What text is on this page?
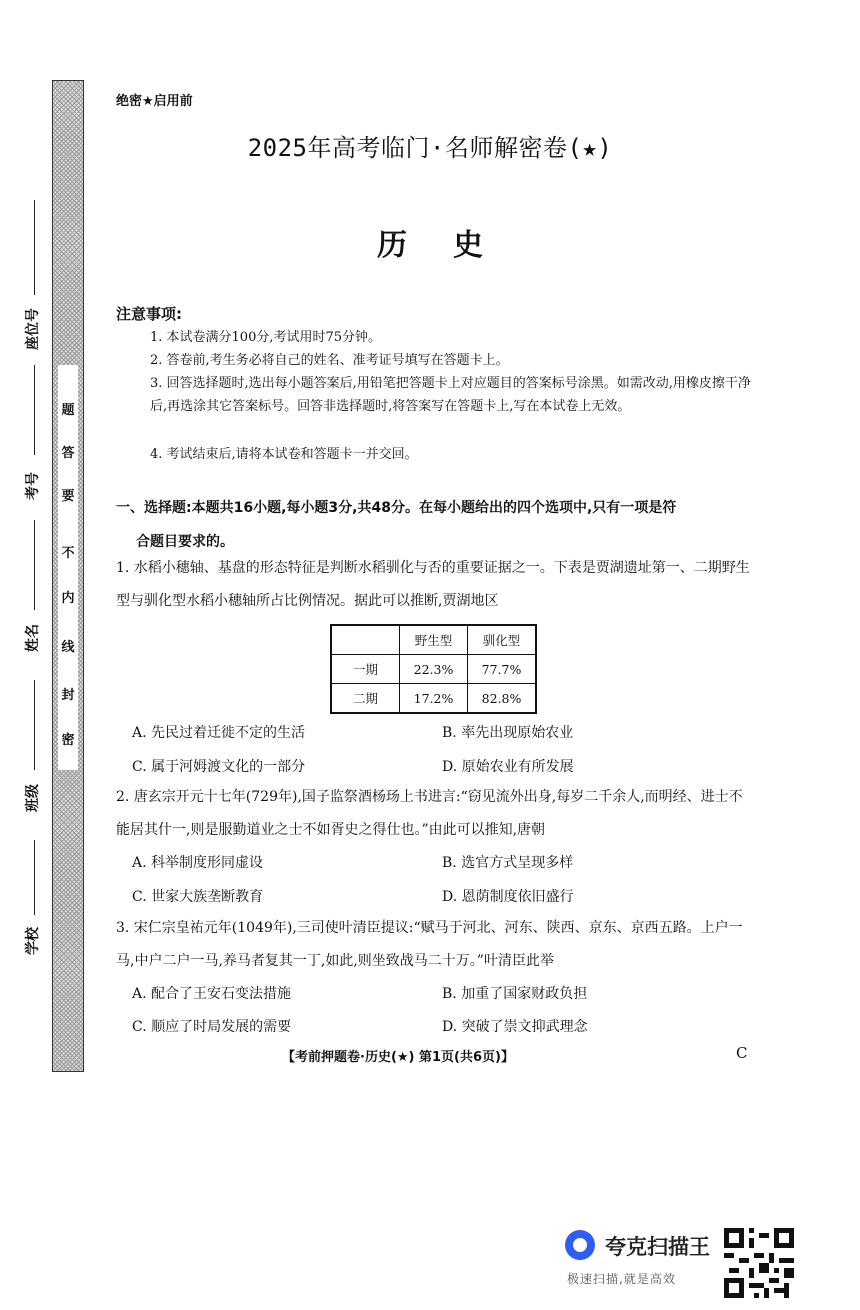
题
答
要
不
内
线
封
密
座位号
考号
姓名
班级
学校
绝密★启用前
2025年高考临门·名师解密卷(★)
历史
注意事项:
1. 本试卷满分100分,考试用时75分钟。
2. 答卷前,考生务必将自己的姓名、准考证号填写在答题卡上。
3. 回答选择题时,选出每小题答案后,用铅笔把答题卡上对应题目的答案标号涂黑。如需改动,用橡皮擦干净后,再选涂其它答案标号。回答非选择题时,将答案写在答题卡上,写在本试卷上无效。
4. 考试结束后,请将本试卷和答题卡一并交回。
一、选择题:本题共16小题,每小题3分,共48分。在每小题给出的四个选项中,只有一项是符
合题目要求的。
1. 水稻小穗轴、基盘的形态特征是判断水稻驯化与否的重要证据之一。下表是贾湖遗址第一、二期野生型与驯化型水稻小穗轴所占比例情况。据此可以推断,贾湖地区
	野生型	驯化型
一期	22.3%	77.7%
二期	17.2%	82.8%
A. 先民过着迁徙不定的生活	B. 率先出现原始农业
C. 属于河姆渡文化的一部分	D. 原始农业有所发展
2. 唐玄宗开元十七年(729年),国子监祭酒杨玚上书进言:“窃见流外出身,每岁二千余人,而明经、进士不能居其什一,则是服勤道业之士不如胥史之得仕也。”由此可以推知,唐朝
A. 科举制度形同虚设	B. 选官方式呈现多样
C. 世家大族垄断教育	D. 恩荫制度依旧盛行
3. 宋仁宗皇祐元年(1049年),三司使叶清臣提议:“赋马于河北、河东、陕西、京东、京西五路。上户一马,中户二户一马,养马者复其一丁,如此,则坐致战马二十万。”叶清臣此举
A. 配合了王安石变法措施	B. 加重了国家财政负担
C. 顺应了时局发展的需要	D. 突破了崇文抑武理念
【考前押题卷·历史(★) 第1页(共6页)】	C
夸克扫描王
极速扫描,就是高效
